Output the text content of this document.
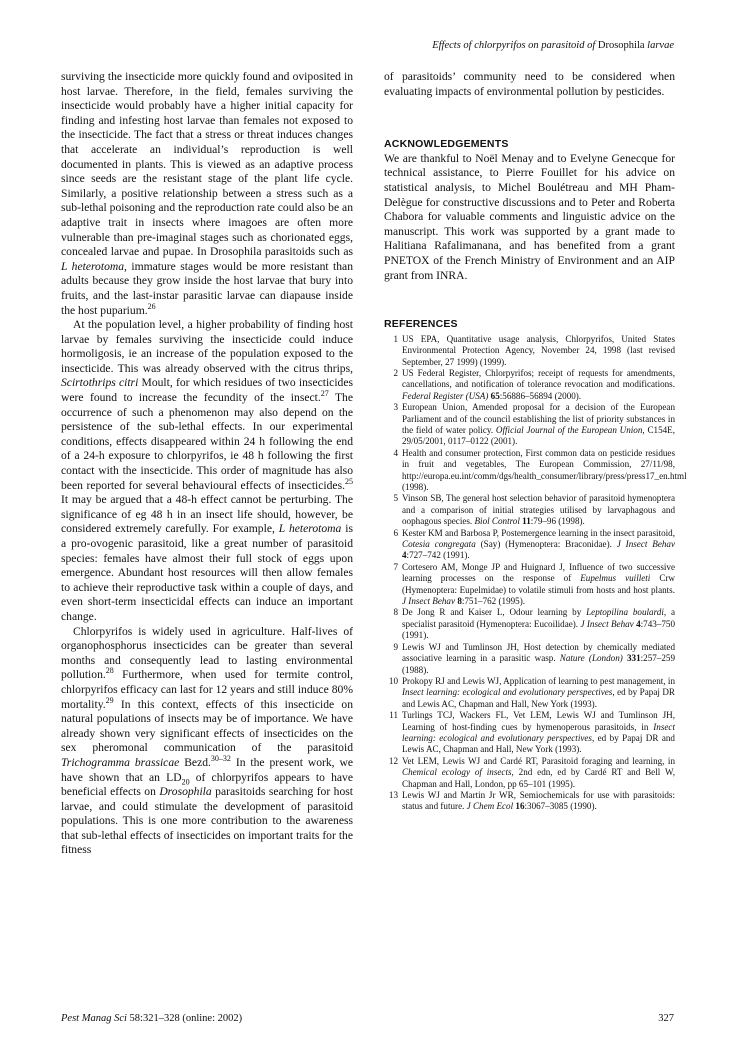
Effects of chlorpyrifos on parasitoid of Drosophila larvae

surviving the insecticide more quickly found and oviposited in host larvae. Therefore, in the field, females surviving the insecticide would probably have a higher initial capacity for finding and infesting host larvae than females not exposed to the insecticide. The fact that a stress or threat induces changes that accelerate an individual’s reproduction is well documented in plants. This is viewed as an adaptive process since seeds are the resistant stage of the plant life cycle. Similarly, a positive relationship between a stress such as a sub-lethal poisoning and the reproduction rate could also be an adaptive trait in insects where imagoes are often more vulnerable than pre-imaginal stages such as chorionated eggs, concealed larvae and pupae. In Drosophila parasitoids such as L heterotoma, immature stages would be more resistant than adults because they grow inside the host larvae that bury into fruits, and the last-instar parasitic larvae can diapause inside the host puparium.$^{26}$

At the population level, a higher probability of finding host larvae by females surviving the insecticide could induce hormoligosis, ie an increase of the population exposed to the insecticide. This was already observed with the citrus thrips, Scirtothrips citri Moult, for which residues of two insecticides were found to increase the fecundity of the insect.$^{27}$ The occurrence of such a phenomenon may also depend on the persistence of the sub-lethal effects. In our experimental conditions, effects disappeared within 24 h following the end of a 24-h exposure to chlorpyrifos, ie 48 h following the first contact with the insecticide. This order of magnitude has also been reported for several behavioural effects of insecticides.$^{25}$ It may be argued that a 48-h effect cannot be perturbing. The significance of eg 48 h in an insect life should, however, be considered extremely carefully. For example, L heterotoma is a pro-ovogenic parasitoid, like a great number of parasitoid species: females have almost their full stock of eggs upon emergence. Abundant host resources will then allow females to achieve their reproductive task within a couple of days, and even short-term insecticidal effects can induce an important change.

Chlorpyrifos is widely used in agriculture. Half-lives of organophosphorus insecticides can be greater than several months and consequently lead to lasting environmental pollution.$^{28}$ Furthermore, when used for termite control, chlorpyrifos efficacy can last for 12 years and still induce 80% mortality.$^{29}$ In this context, effects of this insecticide on natural populations of insects may be of importance. We have already shown very significant effects of insecticides on the sex pheromonal communication of the parasitoid Trichogramma brassicae Bezd.$^{30-32}$ In the present work, we have shown that an $LD_{20}$ of chlorpyrifos appears to have beneficial effects on Drosophila parasitoids searching for host larvae, and could stimulate the development of parasitoid populations. This is one more contribution to the awareness that sub-lethal effects of insecticides on important traits for the fitness

of parasitoids’ community need to be considered when evaluating impacts of environmental pollution by pesticides.

ACKNOWLEDGEMENTS

We are thankful to Noël Menay and to Evelyne Genecque for technical assistance, to Pierre Fouillet for his advice on statistical analysis, to Michel Boulétreau and MH Pham-Delègue for constructive discussions and to Peter and Roberta Chabora for valuable comments and linguistic advice on the manuscript. This work was supported by a grant made to Halitiana Rafalimanana, and has benefited from a grant PNETOX of the French Ministry of Environment and an AIP grant from INRA.

REFERENCES
1 US EPA, Quantitative usage analysis, Chlorpyrifos, United States Environmental Protection Agency, November 24, 1998 (last revised September, 27 1999) (1999).
2 US Federal Register, Chlorpyrifos; receipt of requests for amendments, cancellations, and notification of tolerance revocation and modifications. Federal Register (USA) 65:56886–56894 (2000).
3 European Union, Amended proposal for a decision of the European Parliament and of the council establishing the list of priority substances in the field of water policy. Official Journal of the European Union, C154E, 29/05/2001, 0117–0122 (2001).
4 Health and consumer protection, First common data on pesticide residues in fruit and vegetables, The European Commission, 27/11/98, http://europa.eu.int/comm/dgs/health_consumer/library/press/press17_en.html (1998).
5 Vinson SB, The general host selection behavior of parasitoid hymenoptera and a comparison of initial strategies utilised by larvaphagous and oophagous species. Biol Control 11:79–96 (1998).
6 Kester KM and Barbosa P, Postemergence learning in the insect parasitoid, Cotesia congregata (Say) (Hymenoptera: Braconidae). J Insect Behav 4:727–742 (1991).
7 Cortesero AM, Monge JP and Huignard J, Influence of two successive learning processes on the response of Eupelmus vuilleti Crw (Hymenoptera: Eupelmidae) to volatile stimuli from hosts and host plants. J Insect Behav 8:751–762 (1995).
8 De Jong R and Kaiser L, Odour learning by Leptopilina boulardi, a specialist parasitoid (Hymenoptera: Eucoilidae). J Insect Behav 4:743–750 (1991).
9 Lewis WJ and Tumlinson JH, Host detection by chemically mediated associative learning in a parasitic wasp. Nature (London) 331:257–259 (1988).
10 Prokopy RJ and Lewis WJ, Application of learning to pest management, in Insect learning: ecological and evolutionary perspectives, ed by Papaj DR and Lewis AC, Chapman and Hall, New York (1993).
11 Turlings TCJ, Wackers FL, Vet LEM, Lewis WJ and Tumlinson JH, Learning of host-finding cues by hymenoperous parasitoids, in Insect learning: ecological and evolutionary perspectives, ed by Papaj DR and Lewis AC, Chapman and Hall, New York (1993).
12 Vet LEM, Lewis WJ and Cardé RT, Parasitoid foraging and learning, in Chemical ecology of insects, 2nd edn, ed by Cardé RT and Bell W, Chapman and Hall, London, pp 65–101 (1995).
13 Lewis WJ and Martin Jr WR, Semiochemicals for use with parasitoids: status and future. J Chem Ecol 16:3067–3085 (1990).
Pest Manag Sci 58:321–328 (online: 2002)	327
